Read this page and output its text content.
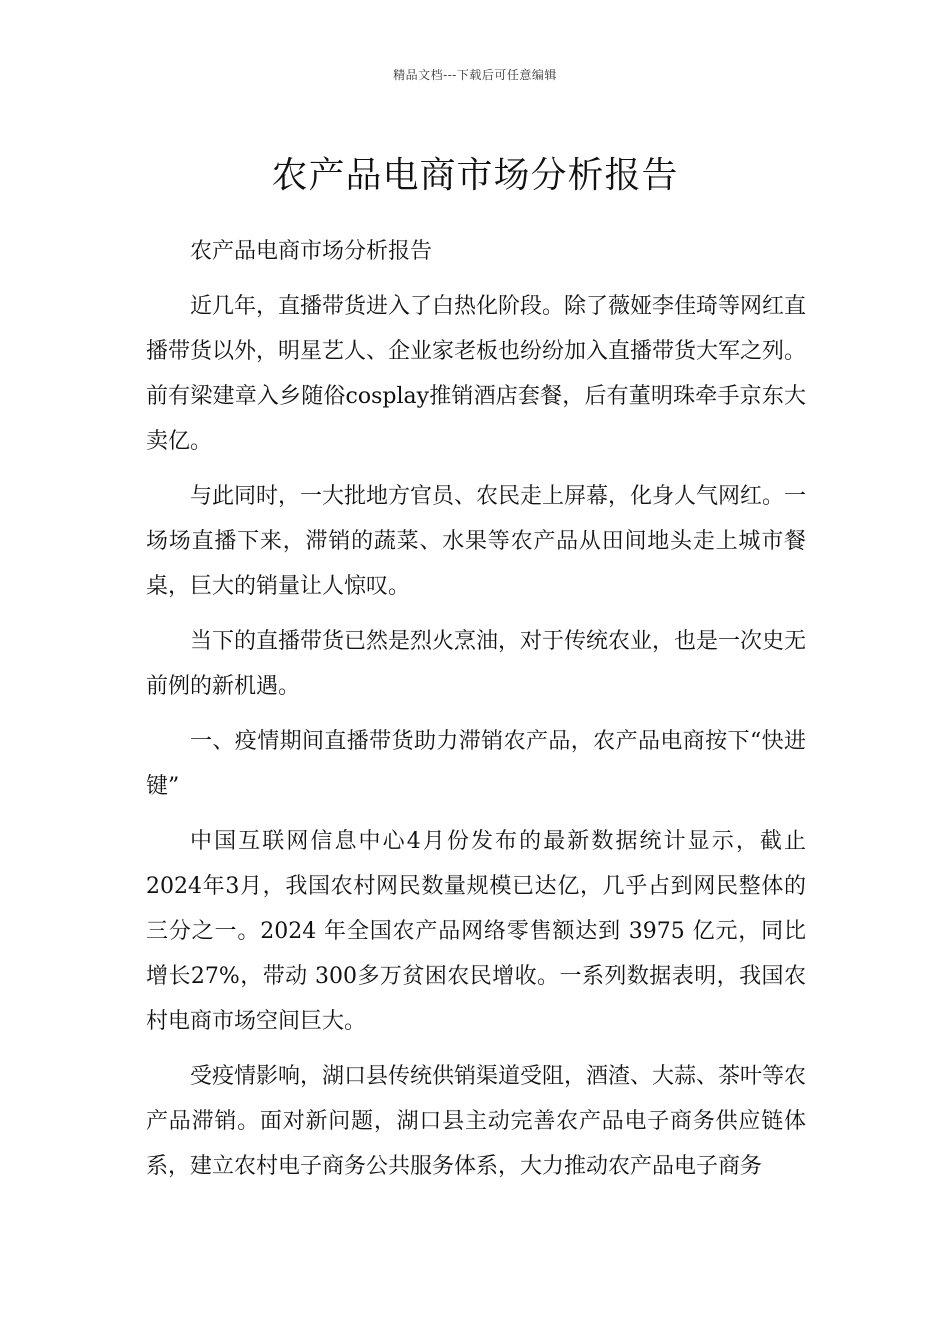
精品文档---下载后可任意编辑
农产品电商市场分析报告

农产品电商市场分析报告

近几年，直播带货进入了白热化阶段。除了薇娅李佳琦等网红直播带货以外，明星艺人、企业家老板也纷纷加入直播带货大军之列。前有梁建章入乡随俗cosplay推销酒店套餐，后有董明珠牵手京东大卖亿。

与此同时，一大批地方官员、农民走上屏幕，化身人气网红。一场场直播下来，滞销的蔬菜、水果等农产品从田间地头走上城市餐桌，巨大的销量让人惊叹。

当下的直播带货已然是烈火烹油，对于传统农业，也是一次史无前例的新机遇。

一、疫情期间直播带货助力滞销农产品，农产品电商按下“快进键”

中国互联网信息中心4月份发布的最新数据统计显示，截止2024年3月，我国农村网民数量规模已达亿，几乎占到网民整体的三分之一。2024 年全国农产品网络零售额达到 3975 亿元，同比增长27%，带动 300多万贫困农民增收。一系列数据表明，我国农村电商市场空间巨大。

受疫情影响，湖口县传统供销渠道受阻，酒渣、大蒜、茶叶等农产品滞销。面对新问题，湖口县主动完善农产品电子商务供应链体系，建立农村电子商务公共服务体系，大力推动农产品电子商务
